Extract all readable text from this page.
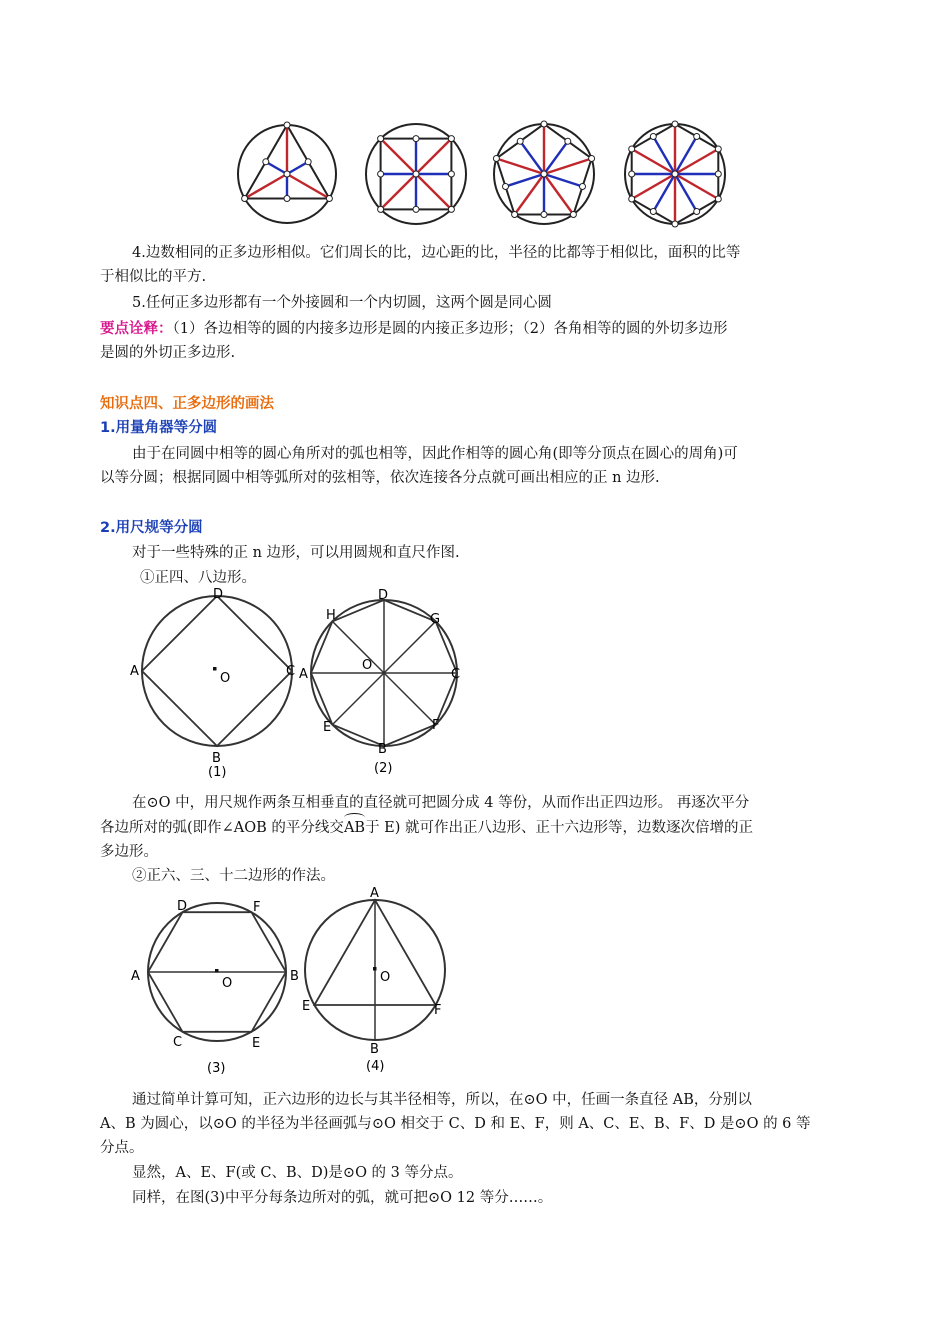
4.边数相同的正多边形相似。它们周长的比，边心距的比，半径的比都等于相似比，面积的比等
于相似比的平方.
5.任何正多边形都有一个外接圆和一个内切圆，这两个圆是同心圆
要点诠释：（1）各边相等的圆的内接多边形是圆的内接正多边形；（2）各角相等的圆的外切多边形
是圆的外切正多边形.
知识点四、正多边形的画法
1.用量角器等分圆
由于在同圆中相等的圆心角所对的弧也相等，因此作相等的圆心角(即等分顶点在圆心的周角)可
以等分圆；根据同圆中相等弧所对的弦相等，依次连接各分点就可画出相应的正 n 边形.
2.用尺规等分圆
对于一些特殊的正 n 边形，可以用圆规和直尺作图.
①正四、八边形。
D
A	C
O
B
(1)
D
H	G
O
A	C
E	F
B
(2)
在⊙O 中，用尺规作两条互相垂直的直径就可把圆分成 4 等份，从而作出正四边形。 再逐次平分
各边所对的弧(即作∠AOB 的平分线交AB于 E) 就可作出正八边形、正十六边形等，边数逐次倍增的正
多边形。
②正六、三、十二边形的作法。
D	F
A	O	B
C	E
(3)
A
O
E	F
B
(4)
通过简单计算可知，正六边形的边长与其半径相等，所以，在⊙O 中，任画一条直径 AB，分别以
A、B 为圆心，以⊙O 的半径为半径画弧与⊙O 相交于 C、D 和 E、F，则 A、C、E、B、F、D 是⊙O 的 6 等
分点。
显然，A、E、F(或 C、B、D)是⊙O 的 3 等分点。
同样，在图(3)中平分每条边所对的弧，就可把⊙O 12 等分……。
